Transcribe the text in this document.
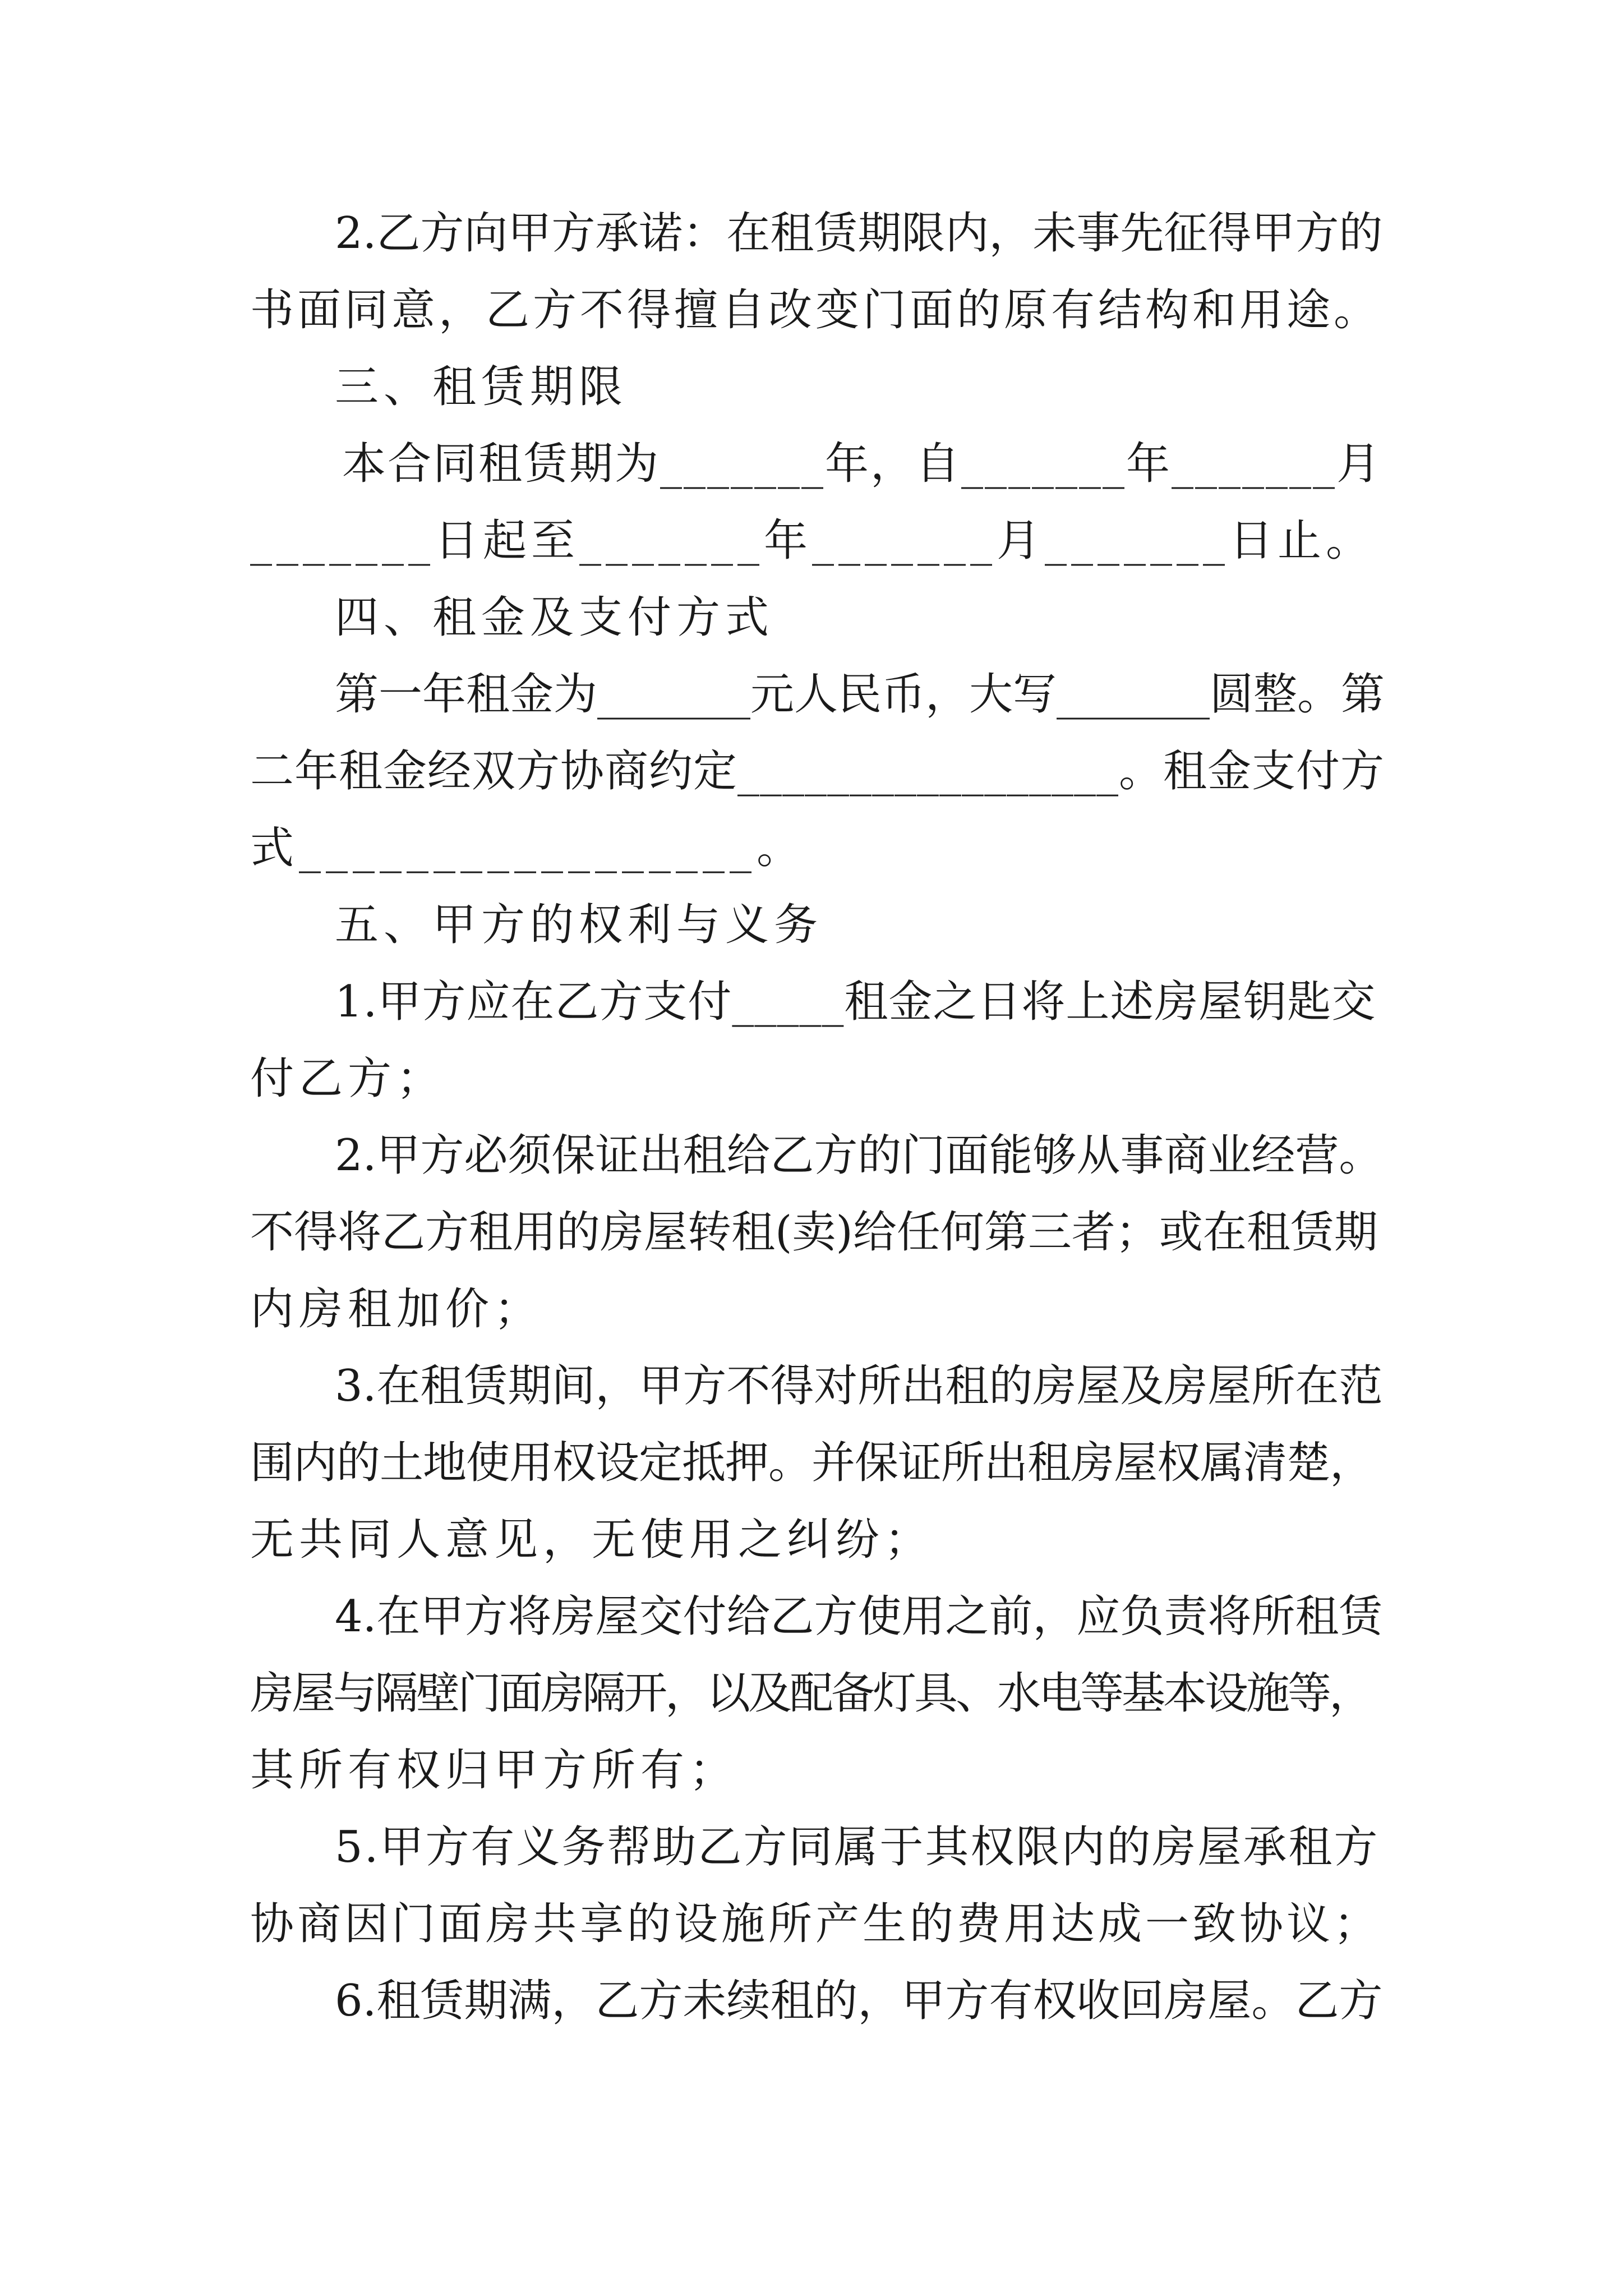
2.乙方向甲方承诺：在租赁期限内，未事先征得甲方的
书面同意，乙方不得擅自改变门面的原有结构和用途。
三、租赁期限
本合同租赁期为_______年，自_______年_______月
_______日起至_______年_______月_______日止。
四、租金及支付方式
第一年租金为_______元人民币，大写_______圆整。第
二年租金经双方协商约定_________________。租金支付方
式_________________。
五、甲方的权利与义务
1.甲方应在乙方支付_____租金之日将上述房屋钥匙交
付乙方；
2.甲方必须保证出租给乙方的门面能够从事商业经营。
不得将乙方租用的房屋转租(卖)给任何第三者；或在租赁期
内房租加价；
3.在租赁期间，甲方不得对所出租的房屋及房屋所在范
围内的土地使用权设定抵押。并保证所出租房屋权属清楚，
无共同人意见，无使用之纠纷；
4.在甲方将房屋交付给乙方使用之前，应负责将所租赁
房屋与隔壁门面房隔开，以及配备灯具、水电等基本设施等，
其所有权归甲方所有；
5.甲方有义务帮助乙方同属于其权限内的房屋承租方
协商因门面房共享的设施所产生的费用达成一致协议；
6.租赁期满，乙方未续租的，甲方有权收回房屋。乙方
